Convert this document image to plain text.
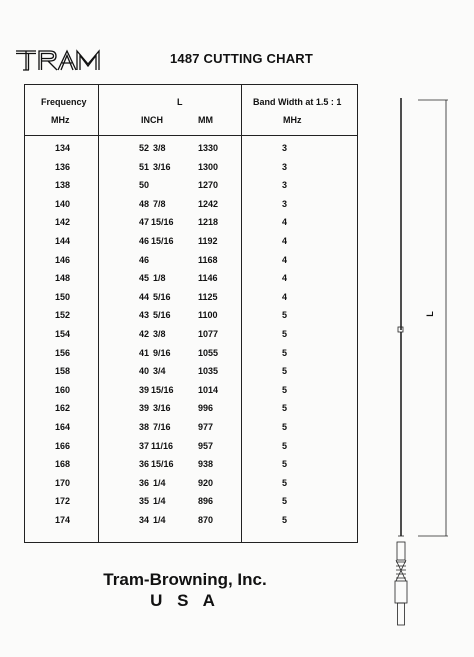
1487 CUTTING CHART
Frequency
MHz
L
INCH	MM
Band Width at 1.5 : 1
MHz
134	52 3/8	1330	3
136	51 3/16	1300	3
138	50	1270	3
140	48 7/8	1242	3
142	47 15/16	1218	4
144	46 15/16	1192	4
146	46	1168	4
148	45 1/8	1146	4
150	44 5/16	1125	4
152	43 5/16	1100	5
154	42 3/8	1077	5
156	41 9/16	1055	5
158	40 3/4	1035	5
160	39 15/16	1014	5
162	39 3/16	996	5
164	38 7/16	977	5
166	37 11/16	957	5
168	36 15/16	938	5
170	36 1/4	920	5
172	35 1/4	896	5
174	34 1/4	870	5
L
Tram-Browning, Inc.
U S A
